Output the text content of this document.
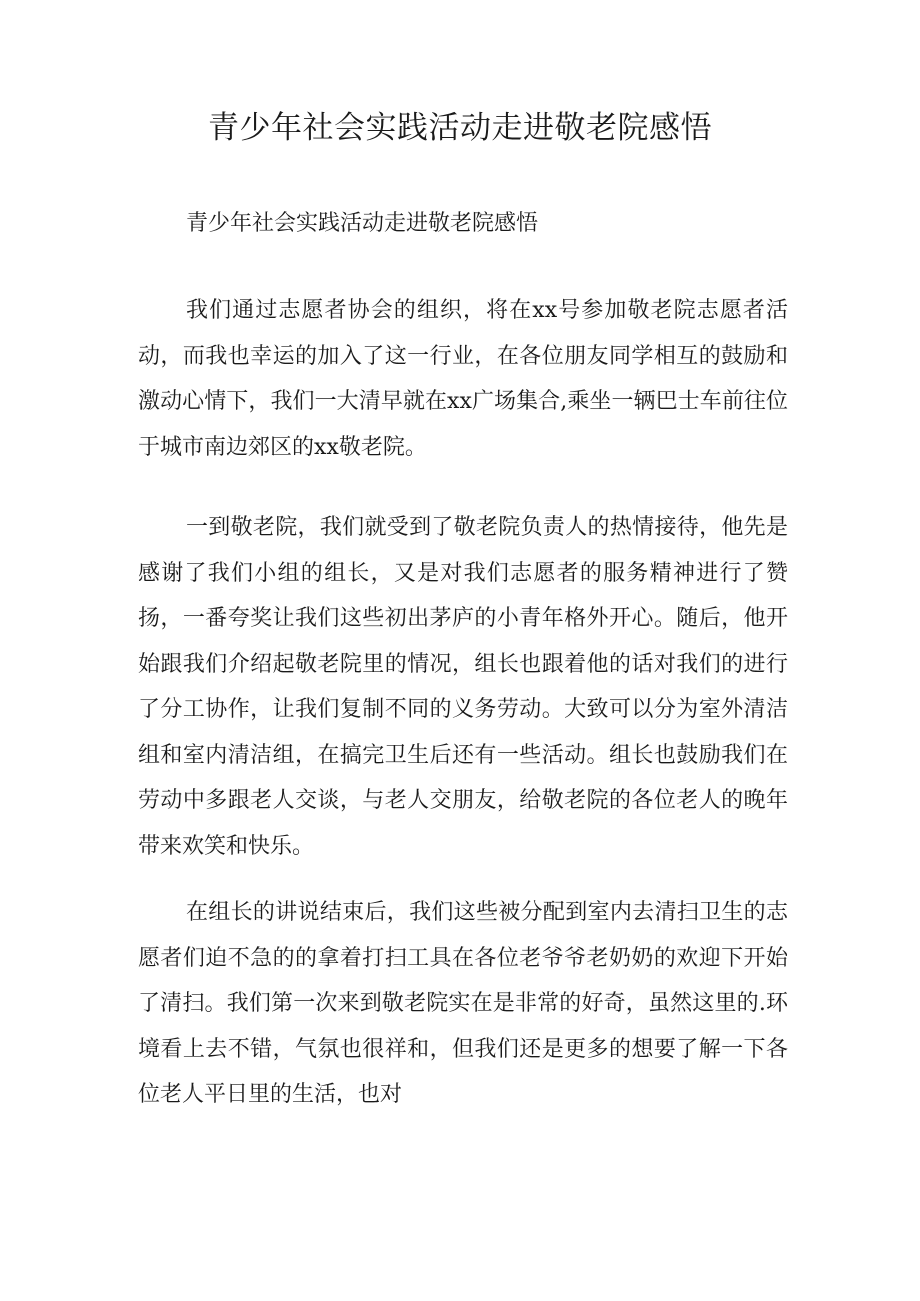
青少年社会实践活动走进敬老院感悟

青少年社会实践活动走进敬老院感悟

我们通过志愿者协会的组织，将在xx号参加敬老院志愿者活动，而我也幸运的加入了这一行业，在各位朋友同学相互的鼓励和激动心情下，我们一大清早就在xx广场集合,乘坐一辆巴士车前往位于城市南边郊区的xx敬老院。

一到敬老院，我们就受到了敬老院负责人的热情接待，他先是感谢了我们小组的组长，又是对我们志愿者的服务精神进行了赞扬，一番夸奖让我们这些初出茅庐的小青年格外开心。随后，他开始跟我们介绍起敬老院里的情况，组长也跟着他的话对我们的进行了分工协作，让我们复制不同的义务劳动。大致可以分为室外清洁组和室内清洁组，在搞完卫生后还有一些活动。组长也鼓励我们在劳动中多跟老人交谈，与老人交朋友，给敬老院的各位老人的晚年带来欢笑和快乐。

在组长的讲说结束后，我们这些被分配到室内去清扫卫生的志愿者们迫不急的的拿着打扫工具在各位老爷爷老奶奶的欢迎下开始了清扫。我们第一次来到敬老院实在是非常的好奇，虽然这里的.环境看上去不错，气氛也很祥和，但我们还是更多的想要了解一下各位老人平日里的生活，也对
